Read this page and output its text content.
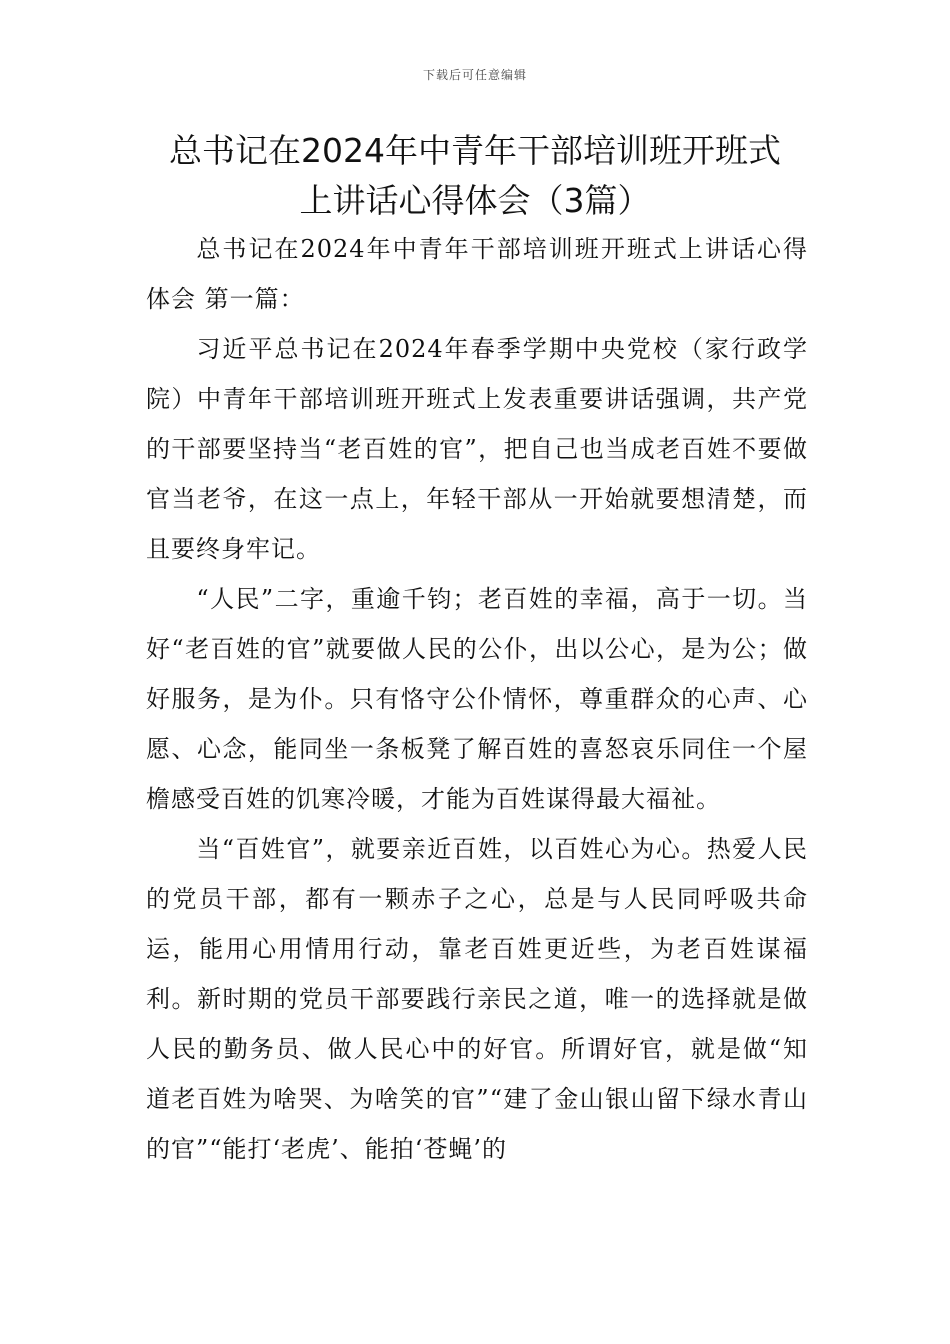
下载后可任意编辑
总书记在2024年中青年干部培训班开班式
上讲话心得体会（3篇）

总书记在2024年中青年干部培训班开班式上讲话心得体会 第一篇：

习近平总书记在2024年春季学期中央党校（家行政学院）中青年干部培训班开班式上发表重要讲话强调，共产党的干部要坚持当“老百姓的官”，把自己也当成老百姓不要做官当老爷，在这一点上，年轻干部从一开始就要想清楚，而且要终身牢记。

“人民”二字，重逾千钧；老百姓的幸福，高于一切。当好“老百姓的官”就要做人民的公仆，出以公心，是为公；做好服务，是为仆。只有恪守公仆情怀，尊重群众的心声、心愿、心念，能同坐一条板凳了解百姓的喜怒哀乐同住一个屋檐感受百姓的饥寒冷暖，才能为百姓谋得最大福祉。

当“百姓官”，就要亲近百姓，以百姓心为心。热爱人民的党员干部，都有一颗赤子之心，总是与人民同呼吸共命运，能用心用情用行动，靠老百姓更近些，为老百姓谋福利。新时期的党员干部要践行亲民之道，唯一的选择就是做人民的勤务员、做人民心中的好官。所谓好官，就是做“知道老百姓为啥哭、为啥笑的官”“建了金山银山留下绿水青山的官”“能打‘老虎’、能拍‘苍蝇’的
